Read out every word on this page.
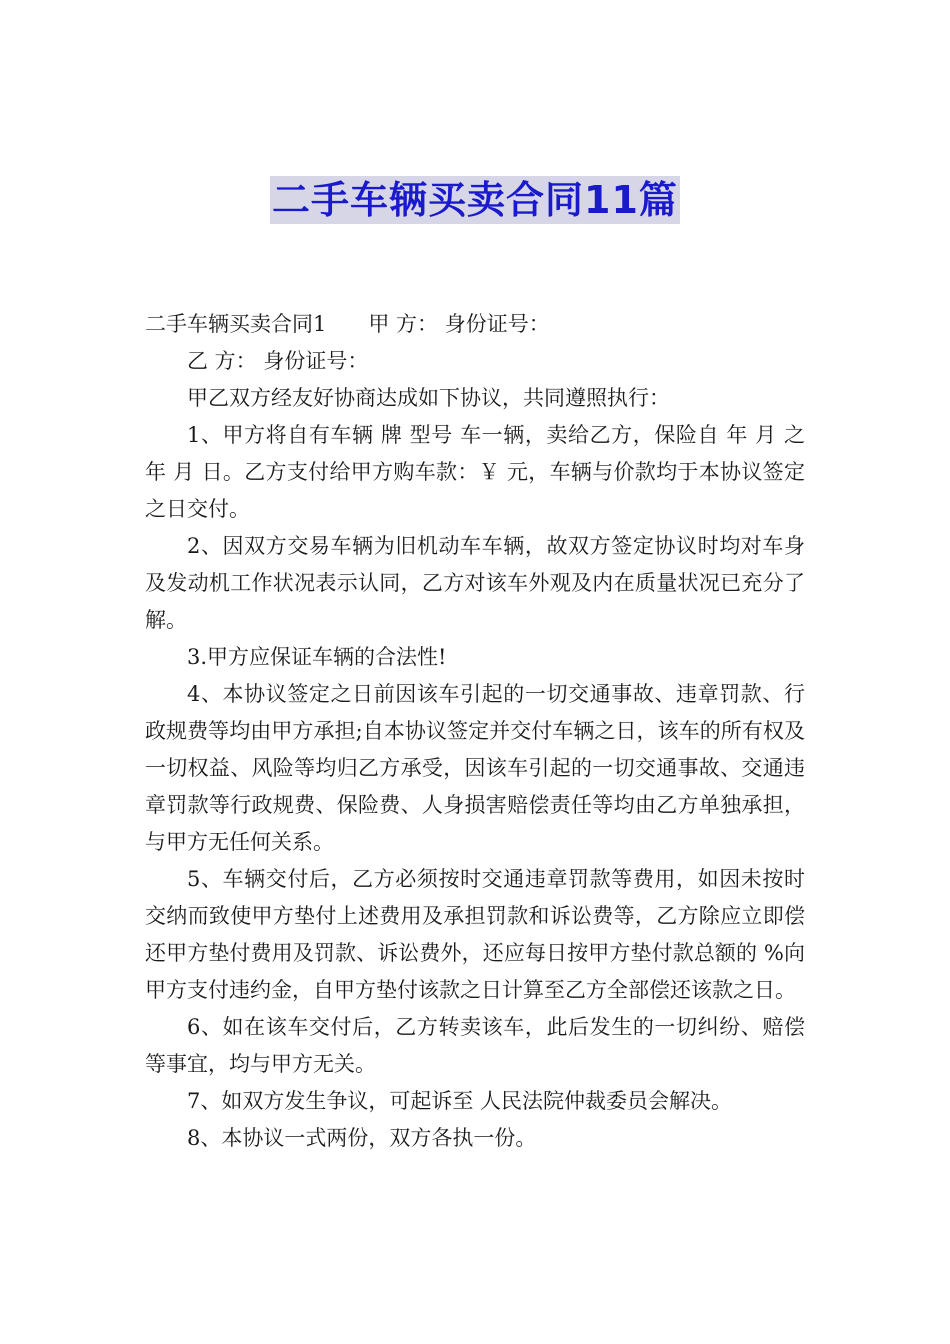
二手车辆买卖合同11篇

二手车辆买卖合同1 甲 方： 身份证号：

乙 方： 身份证号：

甲乙双方经友好协商达成如下协议，共同遵照执行：

1、甲方将自有车辆 牌 型号 车一辆，卖给乙方，保险自 年 月 之 年 月 日。乙方支付给甲方购车款：￥ 元，车辆与价款均于本协议签定之日交付。

2、因双方交易车辆为旧机动车车辆，故双方签定协议时均对车身及发动机工作状况表示认同，乙方对该车外观及内在质量状况已充分了解。

3.甲方应保证车辆的合法性!

4、本协议签定之日前因该车引起的一切交通事故、违章罚款、行政规费等均由甲方承担;自本协议签定并交付车辆之日，该车的所有权及一切权益、风险等均归乙方承受，因该车引起的一切交通事故、交通违章罚款等行政规费、保险费、人身损害赔偿责任等均由乙方单独承担，与甲方无任何关系。

5、车辆交付后，乙方必须按时交通违章罚款等费用，如因未按时交纳而致使甲方垫付上述费用及承担罚款和诉讼费等，乙方除应立即偿还甲方垫付费用及罚款、诉讼费外，还应每日按甲方垫付款总额的 %向甲方支付违约金，自甲方垫付该款之日计算至乙方全部偿还该款之日。

6、如在该车交付后，乙方转卖该车，此后发生的一切纠纷、赔偿等事宜，均与甲方无关。

7、如双方发生争议，可起诉至 人民法院仲裁委员会解决。

8、本协议一式两份，双方各执一份。
